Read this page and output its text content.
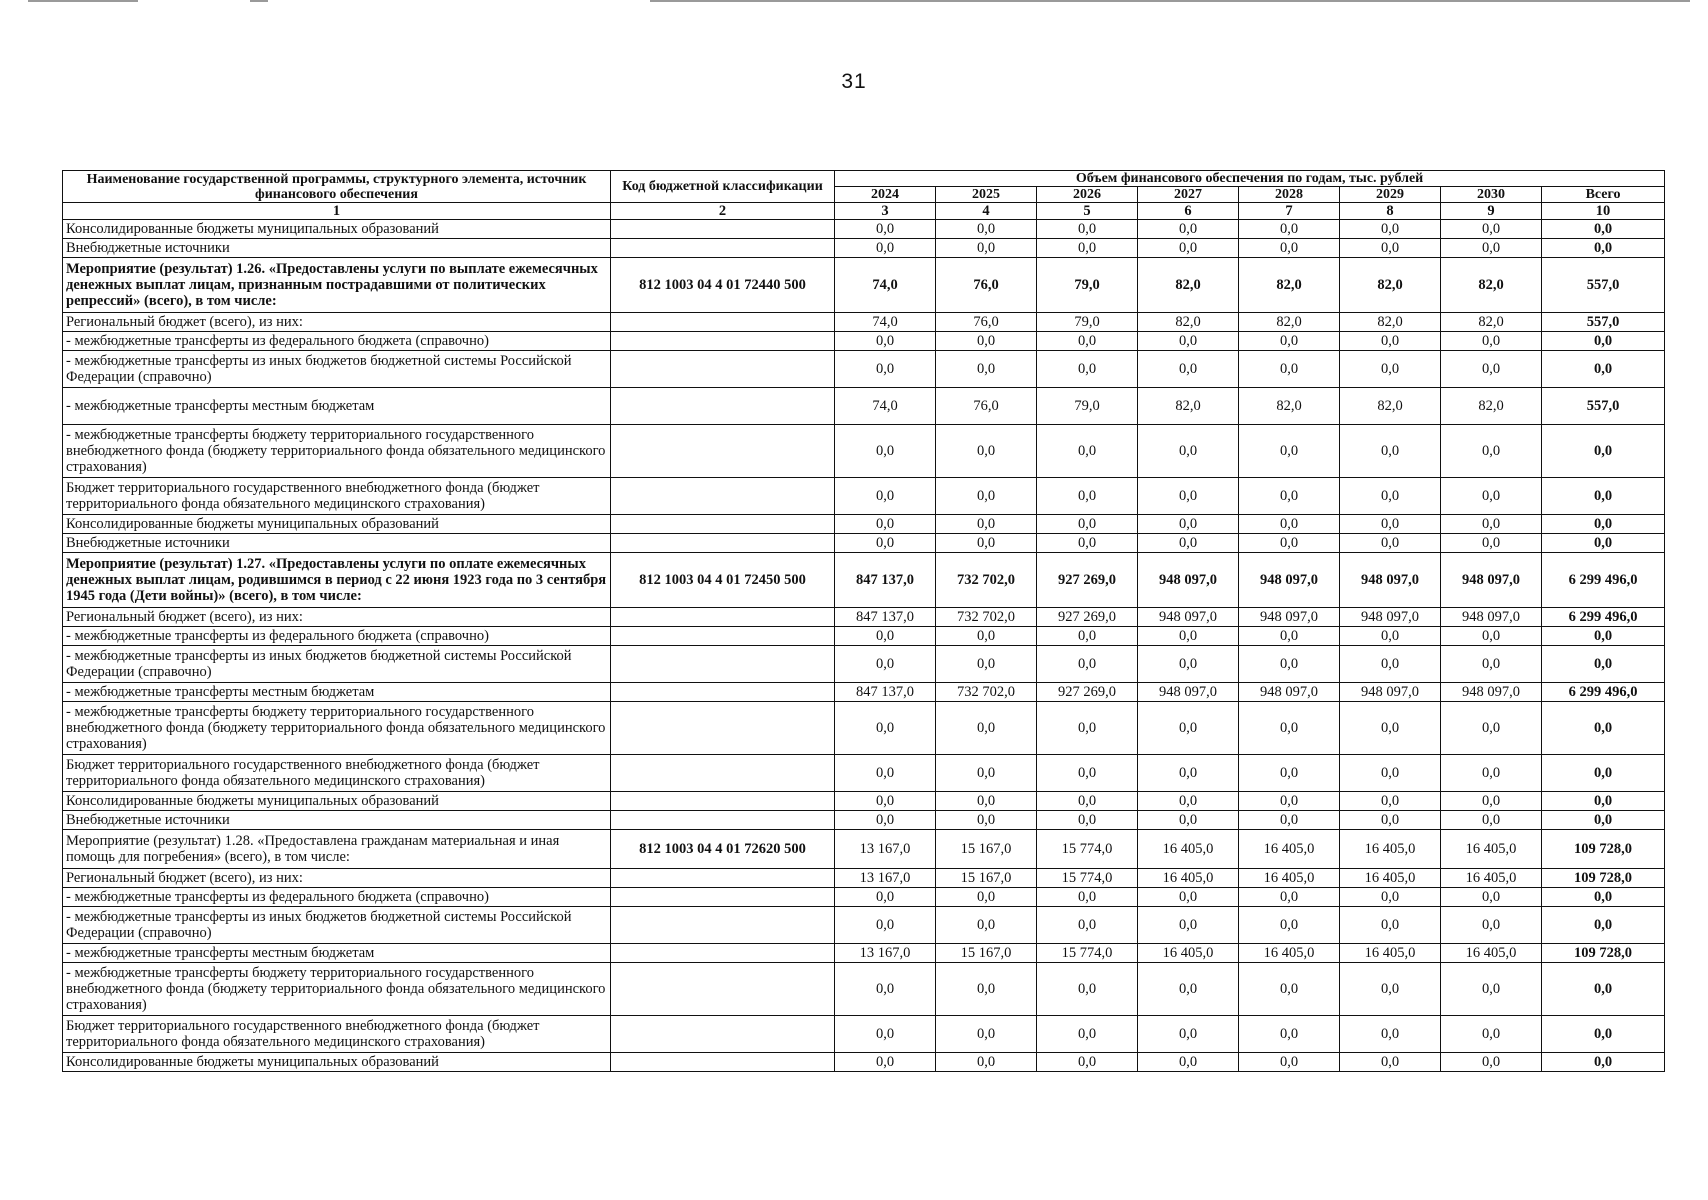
31
Наименование государственной программы, структурного элемента, источник финансового обеспечения	Код бюджетной классификации	Объем финансового обеспечения по годам, тыс. рублей							
		2024	2025	2026	2027	2028	2029	2030	Всего
1	2	3	4	5	6	7	8	9	10
Консолидированные бюджеты муниципальных образований		0,0	0,0	0,0	0,0	0,0	0,0	0,0	0,0
Внебюджетные источники		0,0	0,0	0,0	0,0	0,0	0,0	0,0	0,0
Мероприятие (результат) 1.26. «Предоставлены услуги по выплате ежемесячных денежных выплат лицам, признанным пострадавшими от политических репрессий» (всего), в том числе:	812 1003 04 4 01 72440 500	74,0	76,0	79,0	82,0	82,0	82,0	82,0	557,0
Региональный бюджет (всего), из них:		74,0	76,0	79,0	82,0	82,0	82,0	82,0	557,0
- межбюджетные трансферты из федерального бюджета (справочно)		0,0	0,0	0,0	0,0	0,0	0,0	0,0	0,0
- межбюджетные трансферты из иных бюджетов бюджетной системы Российской Федерации (справочно)		0,0	0,0	0,0	0,0	0,0	0,0	0,0	0,0
- межбюджетные трансферты местным бюджетам		74,0	76,0	79,0	82,0	82,0	82,0	82,0	557,0
- межбюджетные трансферты бюджету территориального государственного внебюджетного фонда (бюджету территориального фонда обязательного медицинского страхования)		0,0	0,0	0,0	0,0	0,0	0,0	0,0	0,0
Бюджет территориального государственного внебюджетного фонда (бюджет территориального фонда обязательного медицинского страхования)		0,0	0,0	0,0	0,0	0,0	0,0	0,0	0,0
Консолидированные бюджеты муниципальных образований		0,0	0,0	0,0	0,0	0,0	0,0	0,0	0,0
Внебюджетные источники		0,0	0,0	0,0	0,0	0,0	0,0	0,0	0,0
Мероприятие (результат) 1.27. «Предоставлены услуги по оплате ежемесячных денежных выплат лицам, родившимся в период с 22 июня 1923 года по 3 сентября 1945 года (Дети войны)» (всего), в том числе:	812 1003 04 4 01 72450 500	847 137,0	732 702,0	927 269,0	948 097,0	948 097,0	948 097,0	948 097,0	6 299 496,0
Региональный бюджет (всего), из них:		847 137,0	732 702,0	927 269,0	948 097,0	948 097,0	948 097,0	948 097,0	6 299 496,0
- межбюджетные трансферты из федерального бюджета (справочно)		0,0	0,0	0,0	0,0	0,0	0,0	0,0	0,0
- межбюджетные трансферты из иных бюджетов бюджетной системы Российской Федерации (справочно)		0,0	0,0	0,0	0,0	0,0	0,0	0,0	0,0
- межбюджетные трансферты местным бюджетам		847 137,0	732 702,0	927 269,0	948 097,0	948 097,0	948 097,0	948 097,0	6 299 496,0
- межбюджетные трансферты бюджету территориального государственного внебюджетного фонда (бюджету территориального фонда обязательного медицинского страхования)		0,0	0,0	0,0	0,0	0,0	0,0	0,0	0,0
Бюджет территориального государственного внебюджетного фонда (бюджет территориального фонда обязательного медицинского страхования)		0,0	0,0	0,0	0,0	0,0	0,0	0,0	0,0
Консолидированные бюджеты муниципальных образований		0,0	0,0	0,0	0,0	0,0	0,0	0,0	0,0
Внебюджетные источники		0,0	0,0	0,0	0,0	0,0	0,0	0,0	0,0
Мероприятие (результат) 1.28. «Предоставлена гражданам материальная и иная помощь для погребения» (всего), в том числе:	812 1003 04 4 01 72620 500	13 167,0	15 167,0	15 774,0	16 405,0	16 405,0	16 405,0	16 405,0	109 728,0
Региональный бюджет (всего), из них:		13 167,0	15 167,0	15 774,0	16 405,0	16 405,0	16 405,0	16 405,0	109 728,0
- межбюджетные трансферты из федерального бюджета (справочно)		0,0	0,0	0,0	0,0	0,0	0,0	0,0	0,0
- межбюджетные трансферты из иных бюджетов бюджетной системы Российской Федерации (справочно)		0,0	0,0	0,0	0,0	0,0	0,0	0,0	0,0
- межбюджетные трансферты местным бюджетам		13 167,0	15 167,0	15 774,0	16 405,0	16 405,0	16 405,0	16 405,0	109 728,0
- межбюджетные трансферты бюджету территориального государственного внебюджетного фонда (бюджету территориального фонда обязательного медицинского страхования)		0,0	0,0	0,0	0,0	0,0	0,0	0,0	0,0
Бюджет территориального государственного внебюджетного фонда (бюджет территориального фонда обязательного медицинского страхования)		0,0	0,0	0,0	0,0	0,0	0,0	0,0	0,0
Консолидированные бюджеты муниципальных образований		0,0	0,0	0,0	0,0	0,0	0,0	0,0	0,0
